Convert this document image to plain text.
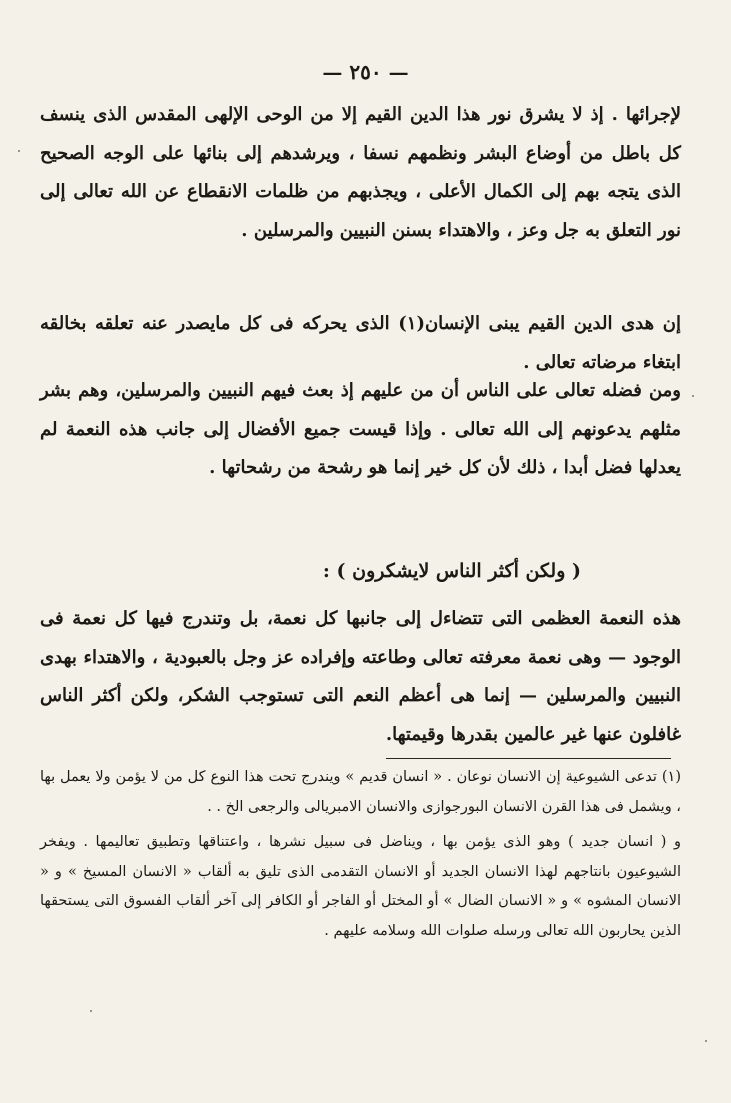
— ٢٥٠ —

لإجرائها . إذ لا يشرق نور هذا الدين القيم إلا من الوحى الإلهى المقدس الذى ينسف كل باطل من أوضاع البشر ونظمهم نسفا ، ويرشدهم إلى بنائها على الوجه الصحيح الذى يتجه بهم إلى الكمال الأعلى ، ويجذبهم من ظلمات الانقطاع عن الله تعالى إلى نور التعلق به جل وعز ، والاهتداء بسنن النبيين والمرسلين .

إن هدى الدين القيم يبنى الإنسان(١) الذى يحركه فى كل مايصدر عنه تعلقه بخالقه ابتغاء مرضاته تعالى .

ومن فضله تعالى على الناس أن من عليهم إذ بعث فيهم النبيين والمرسلين، وهم بشر مثلهم يدعونهم إلى الله تعالى . وإذا قيست جميع الأفضال إلى جانب هذه النعمة لم يعدلها فضل أبدا ، ذلك لأن كل خير إنما هو رشحة من رشحاتها .

( ولكن أكثر الناس لايشكرون ) :

هذه النعمة العظمى التى تتضاءل إلى جانبها كل نعمة، بل وتندرج فيها كل نعمة فى الوجود — وهى نعمة معرفته تعالى وطاعته وإفراده عز وجل بالعبودية ، والاهتداء بهدى النبيين والمرسلين — إنما هى أعظم النعم التى تستوجب الشكر، ولكن أكثر الناس غافلون عنها غير عالمين بقدرها وقيمتها.

(١) تدعى الشيوعية إن الانسان نوعان . « انسان قديم » ويندرج تحت هذا النوع كل من لا يؤمن ولا يعمل بها ، ويشمل فى هذا القرن الانسان البورجوازى والانسان الامبريالى والرجعى الخ . .

و ( انسان جديد ) وهو الذى يؤمن بها ، ويناضل فى سبيل نشرها ، واعتناقها وتطبيق تعاليمها . ويفخر الشيوعيون بانتاجهم لهذا الانسان الجديد أو الانسان التقدمى الذى تليق به ألقاب « الانسان المسيخ » و « الانسان المشوه » و « الانسان الضال » أو المختل أو الفاجر أو الكافر إلى آخر ألقاب الفسوق التى يستحقها الذين يحاربون الله تعالى ورسله صلوات الله وسلامه عليهم .
